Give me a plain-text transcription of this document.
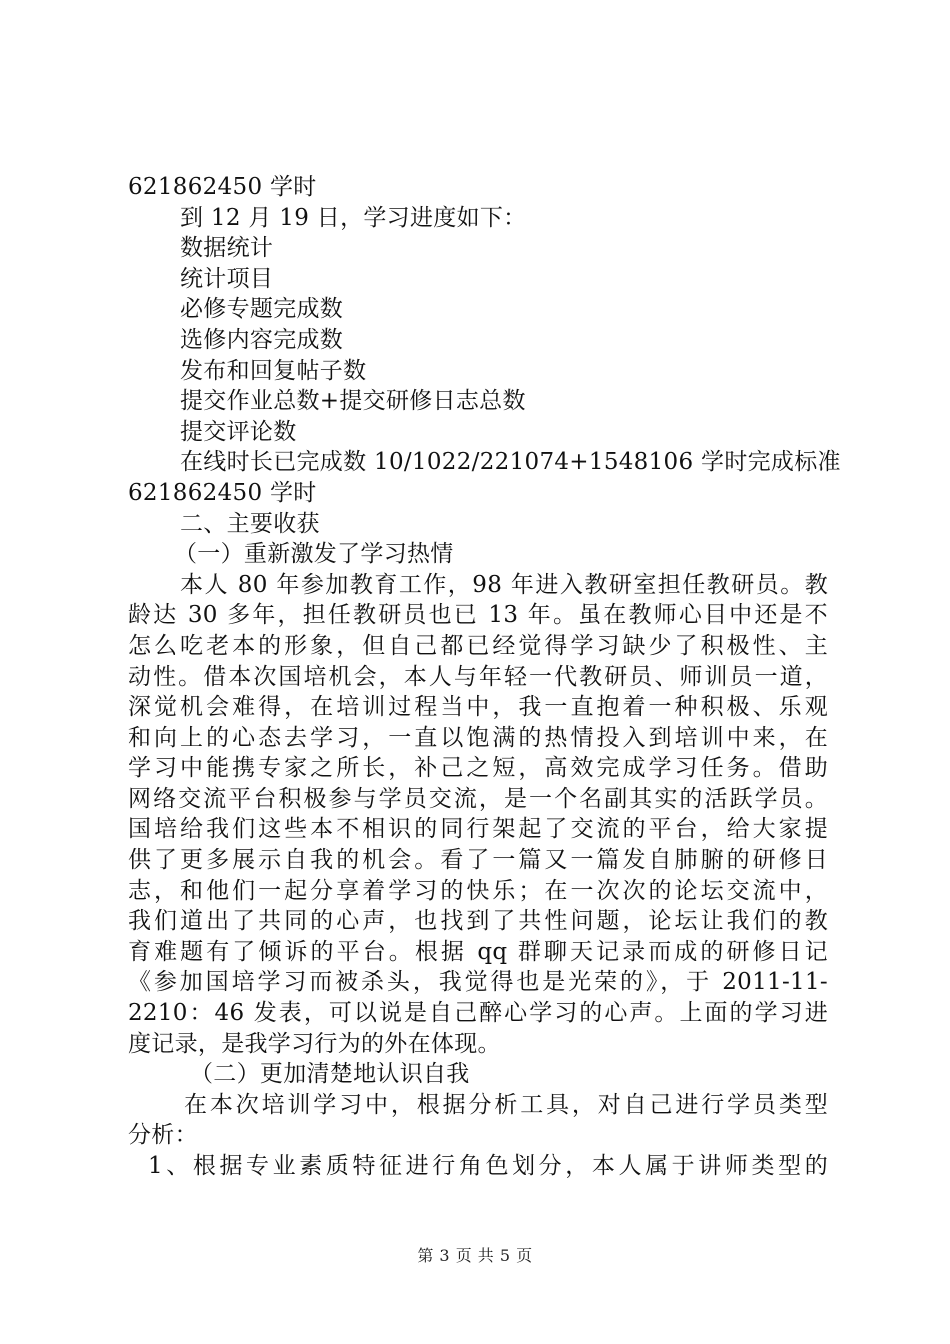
621862450 学时
到 12 月 19 日，学习进度如下：
数据统计
统计项目
必修专题完成数
选修内容完成数
发布和回复帖子数
提交作业总数+提交研修日志总数
提交评论数
在线时长已完成数 10/1022/221074+1548106 学时完成标准
621862450 学时
二、主要收获
（一）重新激发了学习热情
本人 80 年参加教育工作，98 年进入教研室担任教研员。教
龄达 30 多年，担任教研员也已 13 年。虽在教师心目中还是不
怎么吃老本的形象，但自己都已经觉得学习缺少了积极性、主
动性。借本次国培机会，本人与年轻一代教研员、师训员一道，
深觉机会难得，在培训过程当中，我一直抱着一种积极、乐观
和向上的心态去学习，一直以饱满的热情投入到培训中来，在
学习中能携专家之所长，补己之短，高效完成学习任务。借助
网络交流平台积极参与学员交流，是一个名副其实的活跃学员。
国培给我们这些本不相识的同行架起了交流的平台，给大家提
供了更多展示自我的机会。看了一篇又一篇发自肺腑的研修日
志，和他们一起分享着学习的快乐；在一次次的论坛交流中，
我们道出了共同的心声，也找到了共性问题，论坛让我们的教
育难题有了倾诉的平台。根据 qq 群聊天记录而成的研修日记
《参加国培学习而被杀头，我觉得也是光荣的》，于 2011-11-
2210：46 发表，可以说是自己醉心学习的心声。上面的学习进
度记录，是我学习行为的外在体现。
（二）更加清楚地认识自我
在本次培训学习中，根据分析工具，对自己进行学员类型
分析：
1、根据专业素质特征进行角色划分，本人属于讲师类型的
第 3 页 共 5 页
